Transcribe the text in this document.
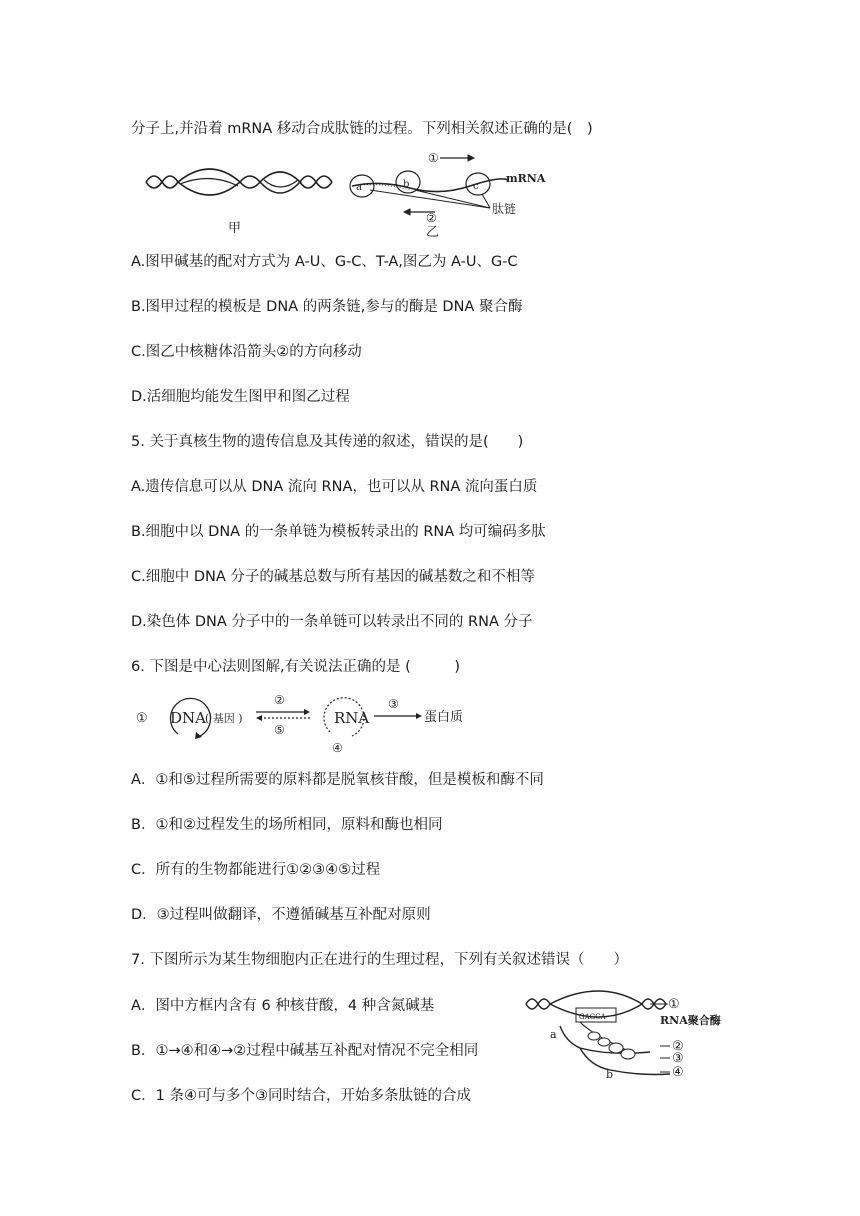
分子上,并沿着 mRNA 移动合成肽链的过程。下列相关叙述正确的是(　)
甲
a	b	c
①
mRNA
肽链
②
乙
A.图甲碱基的配对方式为 A-U、G-C、T-A,图乙为 A-U、G-C
B.图甲过程的模板是 DNA 的两条链,参与的酶是 DNA 聚合酶
C.图乙中核糖体沿箭头②的方向移动
D.活细胞均能发生图甲和图乙过程
5. 关于真核生物的遗传信息及其传递的叙述，错误的是(　　)
A.遗传信息可以从 DNA 流向 RNA，也可以从 RNA 流向蛋白质
B.细胞中以 DNA 的一条单链为模板转录出的 RNA 均可编码多肽
C.细胞中 DNA 分子的碱基总数与所有基因的碱基数之和不相等
D.染色体 DNA 分子中的一条单链可以转录出不同的 RNA 分子
6. 下图是中心法则图解,有关说法正确的是 (　　　)
① DNA ( 基因 )
②
⑤
RNA
④
③
蛋白质
A．①和⑤过程所需要的原料都是脱氧核苷酸，但是模板和酶不同
B．①和②过程发生的场所相同，原料和酶也相同
C．所有的生物都能进行①②③④⑤过程
D．③过程叫做翻译，不遵循碱基互补配对原则
7. 下图所示为某生物细胞内正在进行的生理过程，下列有关叙述错误（　　）
A．图中方框内含有 6 种核苷酸，4 种含氮碱基
B．①→④和④→②过程中碱基互补配对情况不完全相同
C．1 条④可与多个③同时结合，开始多条肽链的合成
①
RNA聚合酶
GAGCA
②
③
④
a
b
